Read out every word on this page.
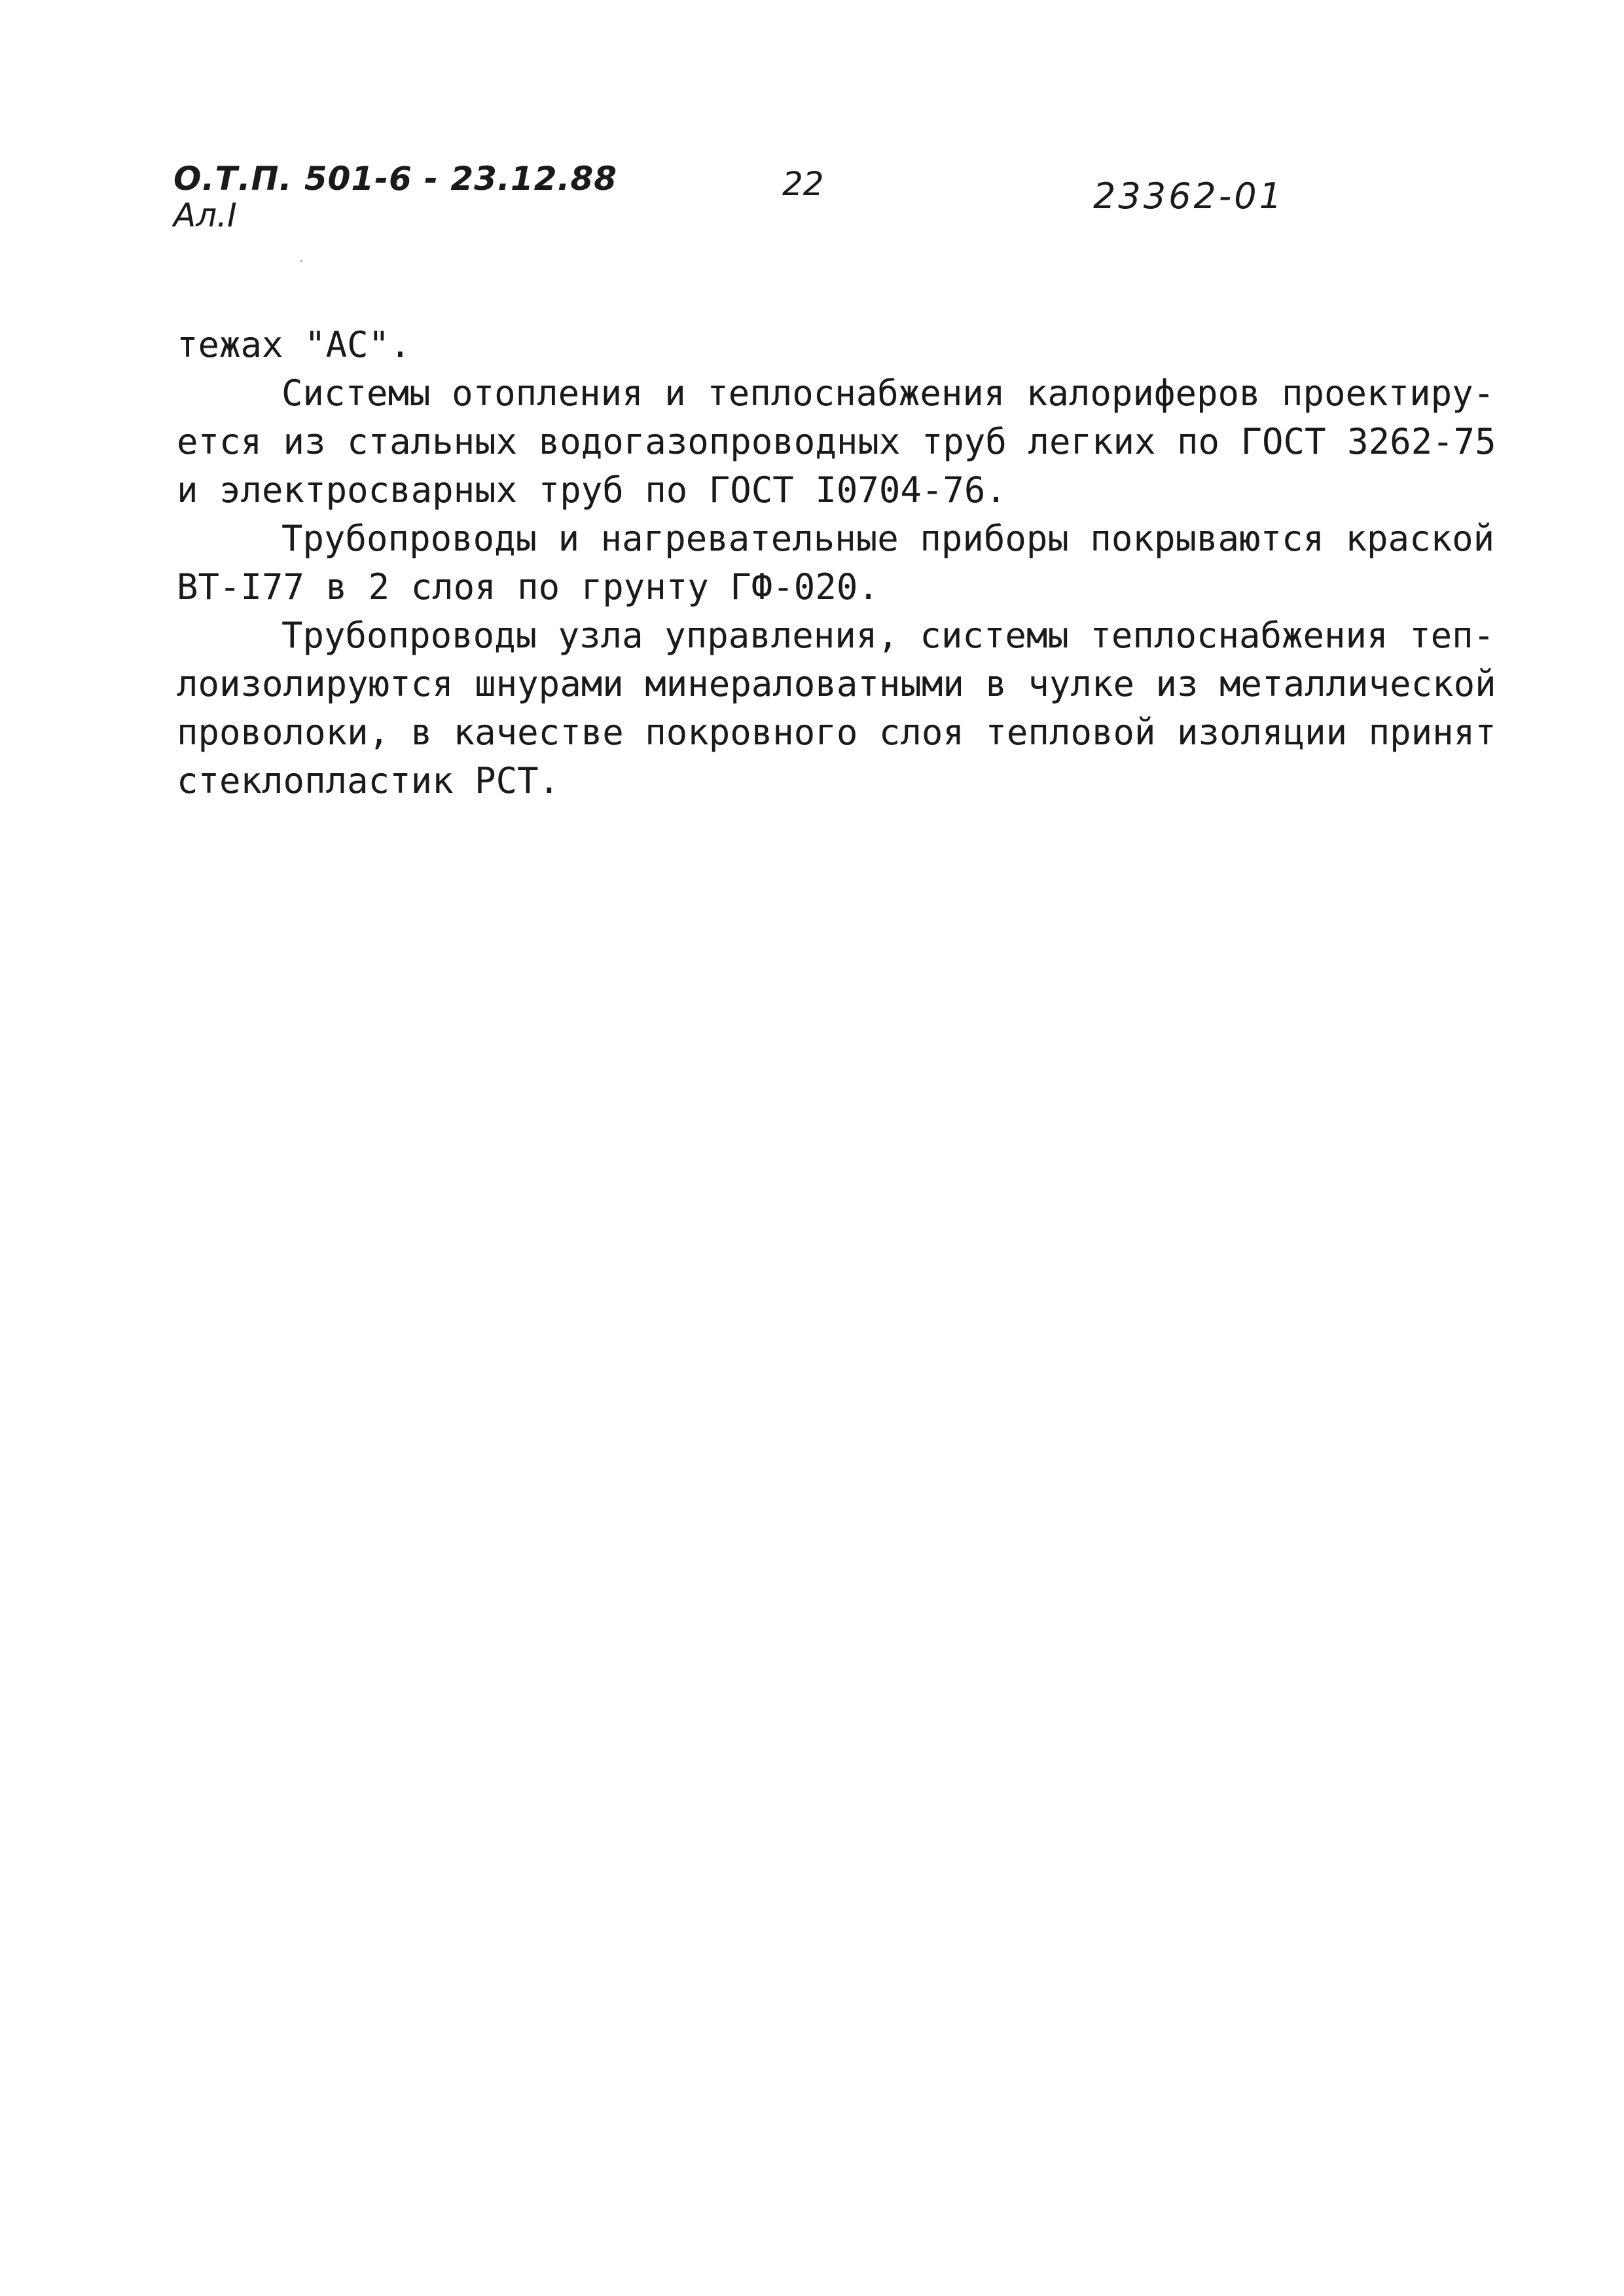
О.Т.П. 501-6 - 23.12.88
Ал.I
22	23362-01
тежах "АС".
Системы отопления и теплоснабжения калориферов проектиру-
ется из стальных водогазопроводных труб легких по ГОСТ 3262-75
и электросварных труб по ГОСТ I0704-76.
Трубопроводы и нагревательные приборы покрываются краской
ВТ-I77 в 2 слоя по грунту ГФ-020.
Трубопроводы узла управления, системы теплоснабжения теп-
лоизолируются шнурами минераловатными в чулке из металлической
проволоки, в качестве покровного слоя тепловой изоляции принят
стеклопластик РСТ.
